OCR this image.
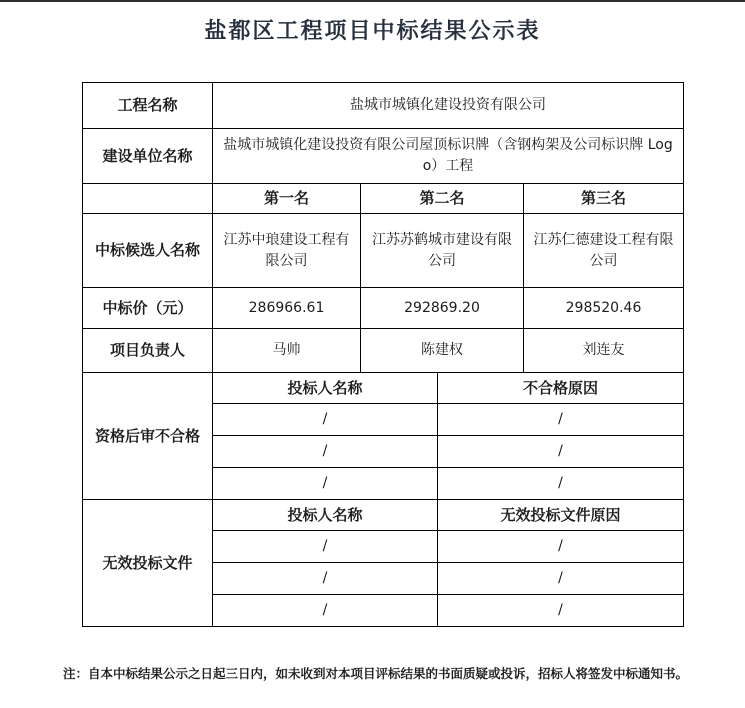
盐都区工程项目中标结果公示表
工程名称	盐城市城镇化建设投资有限公司			
建设单位名称	盐城市城镇化建设投资有限公司屋顶标识牌（含钢构架及公司标识牌 Logo）工程			
	第一名	第二名		第三名
中标候选人名称	江苏中琅建设工程有限公司	江苏苏鹤城市建设有限公司		江苏仁德建设工程有限公司
中标价（元）	286966.61	292869.20		298520.46
项目负责人	马帅	陈建权		刘连友
资格后审不合格	投标人名称		不合格原因	
	/		/	
	/		/	
	/		/	
无效投标文件	投标人名称		无效投标文件原因	
	/		/	
	/		/	
	/		/	

注：自本中标结果公示之日起三日内，如未收到对本项目评标结果的书面质疑或投诉，招标人将签发中标通知书。
